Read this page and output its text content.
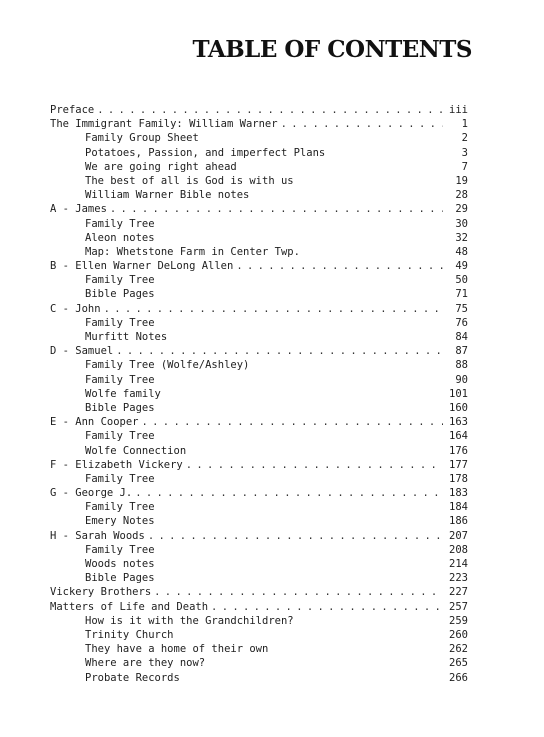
TABLE OF CONTENTS
Preface . . .	iii
The Immigrant Family: William Warner . . .	1
Family Group Sheet	2
Potatoes, Passion, and imperfect Plans	3
We are going right ahead	7
The best of all is God is with us	19
William Warner Bible notes	28
A - James . . .	29
Family Tree	30
Aleon notes	32
Map: Whetstone Farm in Center Twp.	48
B - Ellen Warner DeLong Allen . . .	49
Family Tree	50
Bible Pages	71
C - John . . .	75
Family Tree	76
Murfitt Notes	84
D - Samuel . . .	87
Family Tree (Wolfe/Ashley)	88
Family Tree	90
Wolfe family	101
Bible Pages	160
E - Ann Cooper . . .	163
Family Tree	164
Wolfe Connection	176
F - Elizabeth Vickery . . .	177
Family Tree	178
G - George J. . . .	183
Family Tree	184
Emery Notes	186
H - Sarah Woods . . .	207
Family Tree	208
Woods notes	214
Bible Pages	223
Vickery Brothers . . .	227
Matters of Life and Death . . .	257
How is it with the Grandchildren?	259
Trinity Church	260
They have a home of their own	262
Where are they now?	265
Probate Records	266
